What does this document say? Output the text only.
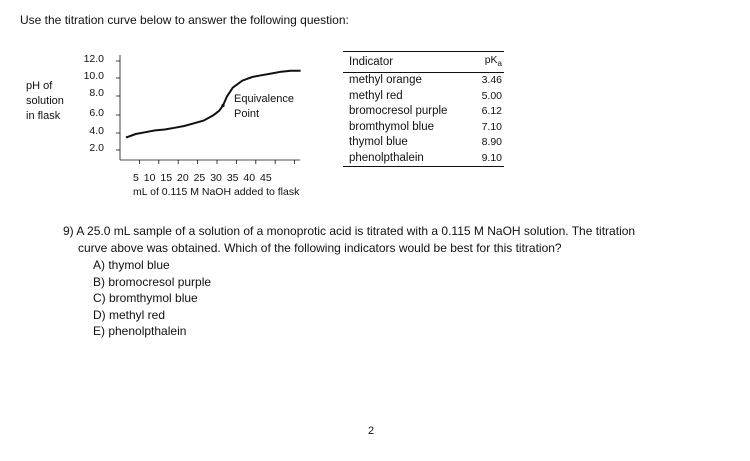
Use the titration curve below to answer the following question:
pH of
solution
in flask
12.0
10.0
8.0
6.0
4.0
2.0
5 10 15 20 25 30 35 40 45
mL of 0.115 M NaOH added to flask
Equivalence
Point
Indicator	$pK_a$
methyl orange	3.46
methyl red	5.00
bromocresol purple	6.12
bromthymol blue	7.10
thymol blue	8.90
phenolpthalein	9.10
9) A 25.0 mL sample of a solution of a monoprotic acid is titrated with a 0.115 M NaOH solution. The titration
curve above was obtained. Which of the following indicators would be best for this titration?
A) thymol blue
B) bromocresol purple
C) bromthymol blue
D) methyl red
E) phenolpthalein
2
